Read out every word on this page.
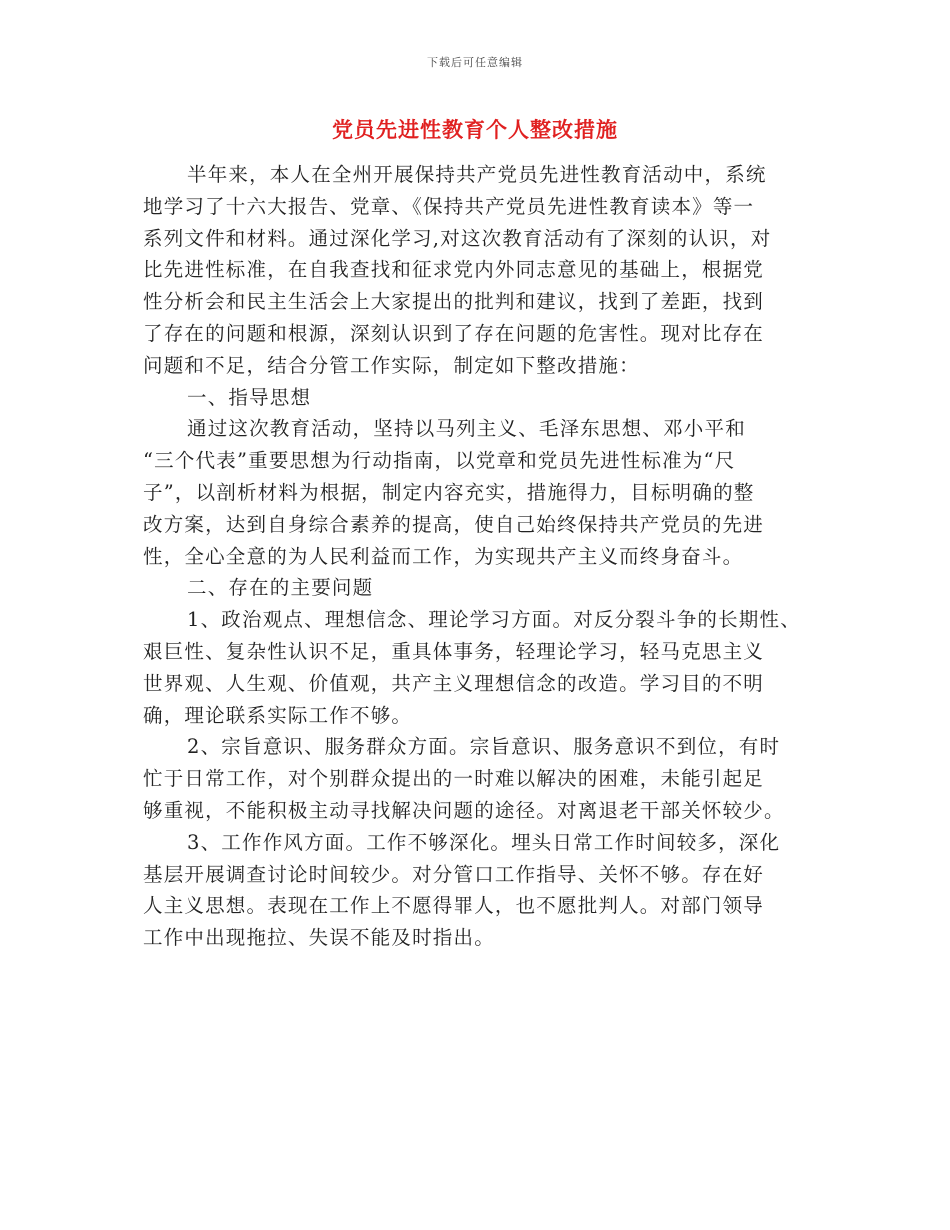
下载后可任意编辑
党员先进性教育个人整改措施
半年来，本人在全州开展保持共产党员先进性教育活动中，系统
地学习了十六大报告、党章、《保持共产党员先进性教育读本》等一
系列文件和材料。通过深化学习,对这次教育活动有了深刻的认识，对
比先进性标准，在自我查找和征求党内外同志意见的基础上，根据党
性分析会和民主生活会上大家提出的批判和建议，找到了差距，找到
了存在的问题和根源，深刻认识到了存在问题的危害性。现对比存在
问题和不足，结合分管工作实际，制定如下整改措施：
一、指导思想
通过这次教育活动，坚持以马列主义、毛泽东思想、邓小平和
“三个代表”重要思想为行动指南，以党章和党员先进性标准为“尺
子”，以剖析材料为根据，制定内容充实，措施得力，目标明确的整
改方案，达到自身综合素养的提高，使自己始终保持共产党员的先进
性，全心全意的为人民利益而工作，为实现共产主义而终身奋斗。
二、存在的主要问题
1、政治观点、理想信念、理论学习方面。对反分裂斗争的长期性、
艰巨性、复杂性认识不足，重具体事务，轻理论学习，轻马克思主义
世界观、人生观、价值观，共产主义理想信念的改造。学习目的不明
确，理论联系实际工作不够。
2、宗旨意识、服务群众方面。宗旨意识、服务意识不到位，有时
忙于日常工作，对个别群众提出的一时难以解决的困难，未能引起足
够重视，不能积极主动寻找解决问题的途径。对离退老干部关怀较少。
3、工作作风方面。工作不够深化。埋头日常工作时间较多，深化
基层开展调查讨论时间较少。对分管口工作指导、关怀不够。存在好
人主义思想。表现在工作上不愿得罪人，也不愿批判人。对部门领导
工作中出现拖拉、失误不能及时指出。
